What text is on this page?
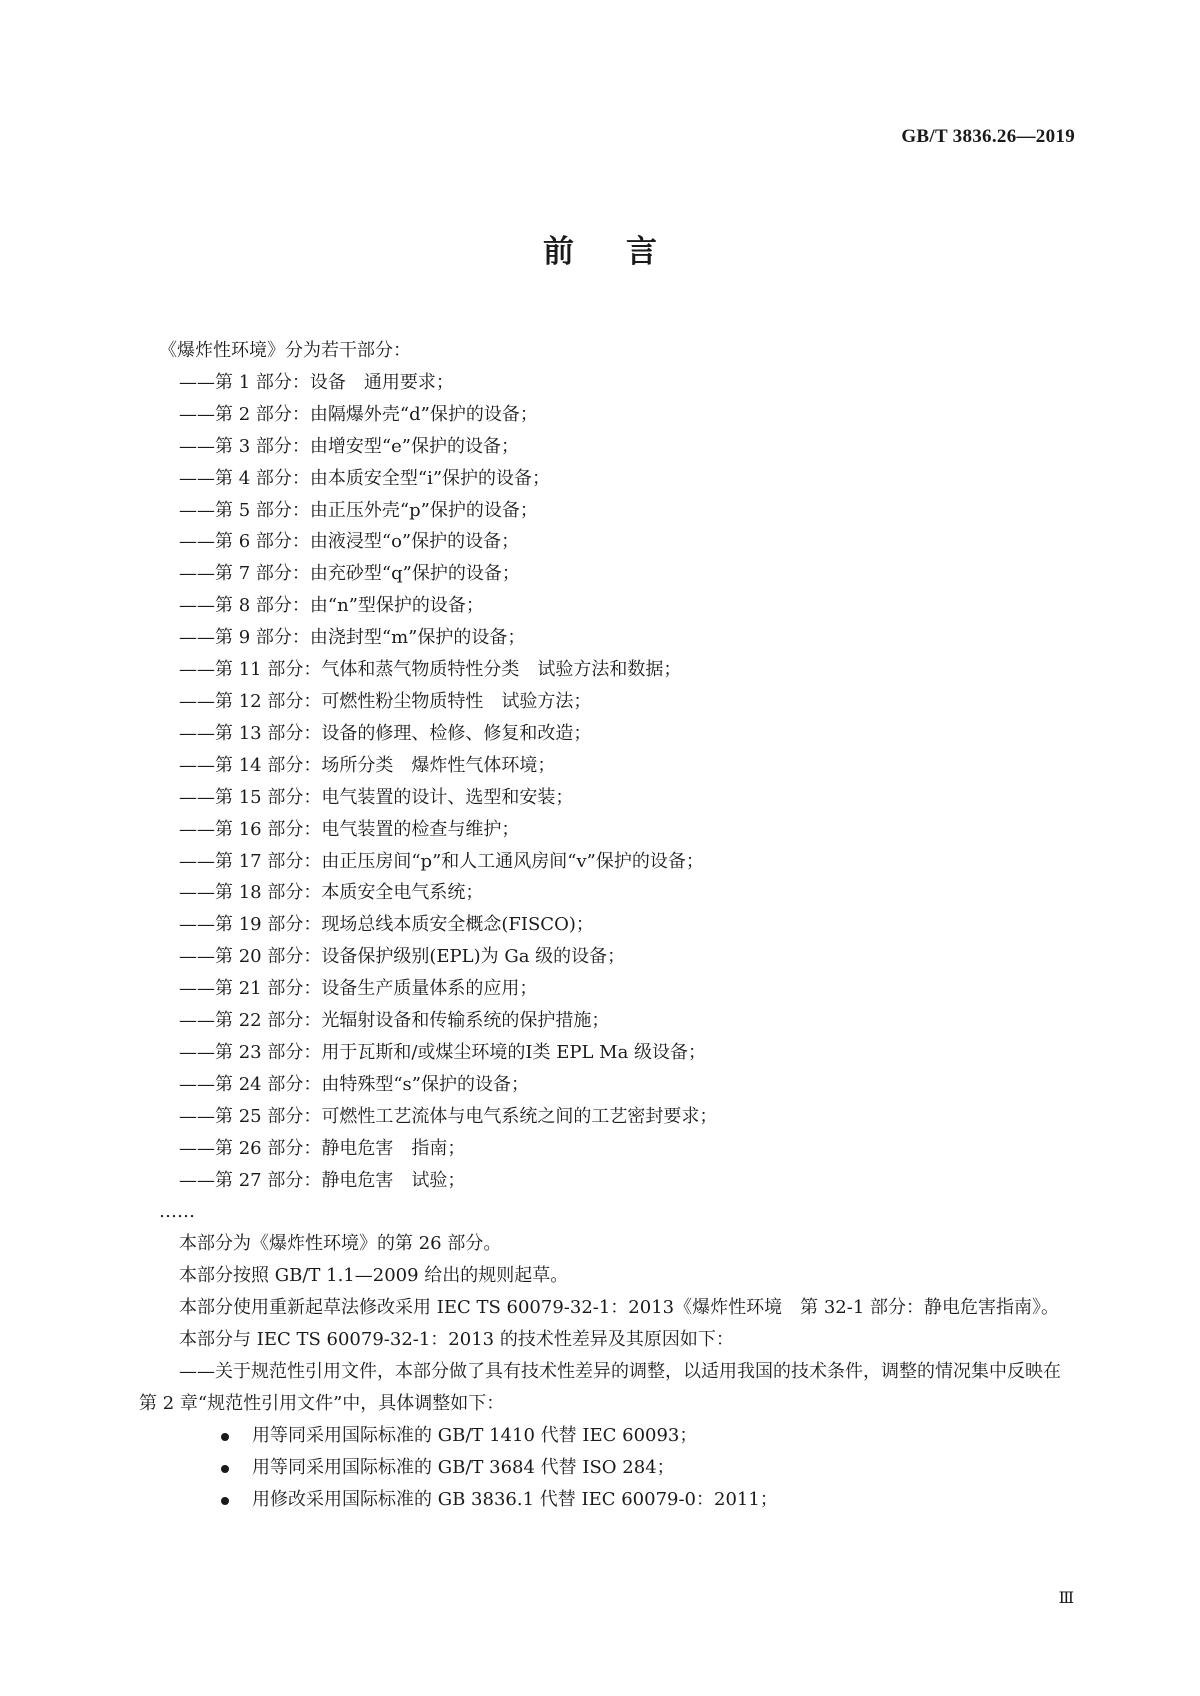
GB/T 3836.26—2019
前言

《爆炸性环境》分为若干部分：

——第 1 部分：设备　通用要求；

——第 2 部分：由隔爆外壳“d”保护的设备；

——第 3 部分：由增安型“e”保护的设备；

——第 4 部分：由本质安全型“i”保护的设备；

——第 5 部分：由正压外壳“p”保护的设备；

——第 6 部分：由液浸型“o”保护的设备；

——第 7 部分：由充砂型“q”保护的设备；

——第 8 部分：由“n”型保护的设备；

——第 9 部分：由浇封型“m”保护的设备；

——第 11 部分：气体和蒸气物质特性分类　试验方法和数据；

——第 12 部分：可燃性粉尘物质特性　试验方法；

——第 13 部分：设备的修理、检修、修复和改造；

——第 14 部分：场所分类　爆炸性气体环境；

——第 15 部分：电气装置的设计、选型和安装；

——第 16 部分：电气装置的检查与维护；

——第 17 部分：由正压房间“p”和人工通风房间“v”保护的设备；

——第 18 部分：本质安全电气系统；

——第 19 部分：现场总线本质安全概念(FISCO)；

——第 20 部分：设备保护级别(EPL)为 Ga 级的设备；

——第 21 部分：设备生产质量体系的应用；

——第 22 部分：光辐射设备和传输系统的保护措施；

——第 23 部分：用于瓦斯和/或煤尘环境的Ⅰ类 EPL Ma 级设备；

——第 24 部分：由特殊型“s”保护的设备；

——第 25 部分：可燃性工艺流体与电气系统之间的工艺密封要求；

——第 26 部分：静电危害　指南；

——第 27 部分：静电危害　试验；

……

本部分为《爆炸性环境》的第 26 部分。

本部分按照 GB/T 1.1—2009 给出的规则起草。

本部分使用重新起草法修改采用 IEC TS 60079-32-1：2013《爆炸性环境　第 32-1 部分：静电危害指南》。

本部分与 IEC TS 60079-32-1：2013 的技术性差异及其原因如下：

——关于规范性引用文件，本部分做了具有技术性差异的调整，以适用我国的技术条件，调整的情况集中反映在第 2 章“规范性引用文件”中，具体调整如下：

用等同采用国际标准的 GB/T 1410 代替 IEC 60093；

用等同采用国际标准的 GB/T 3684 代替 ISO 284；

用修改采用国际标准的 GB 3836.1 代替 IEC 60079-0：2011；

Ⅲ
